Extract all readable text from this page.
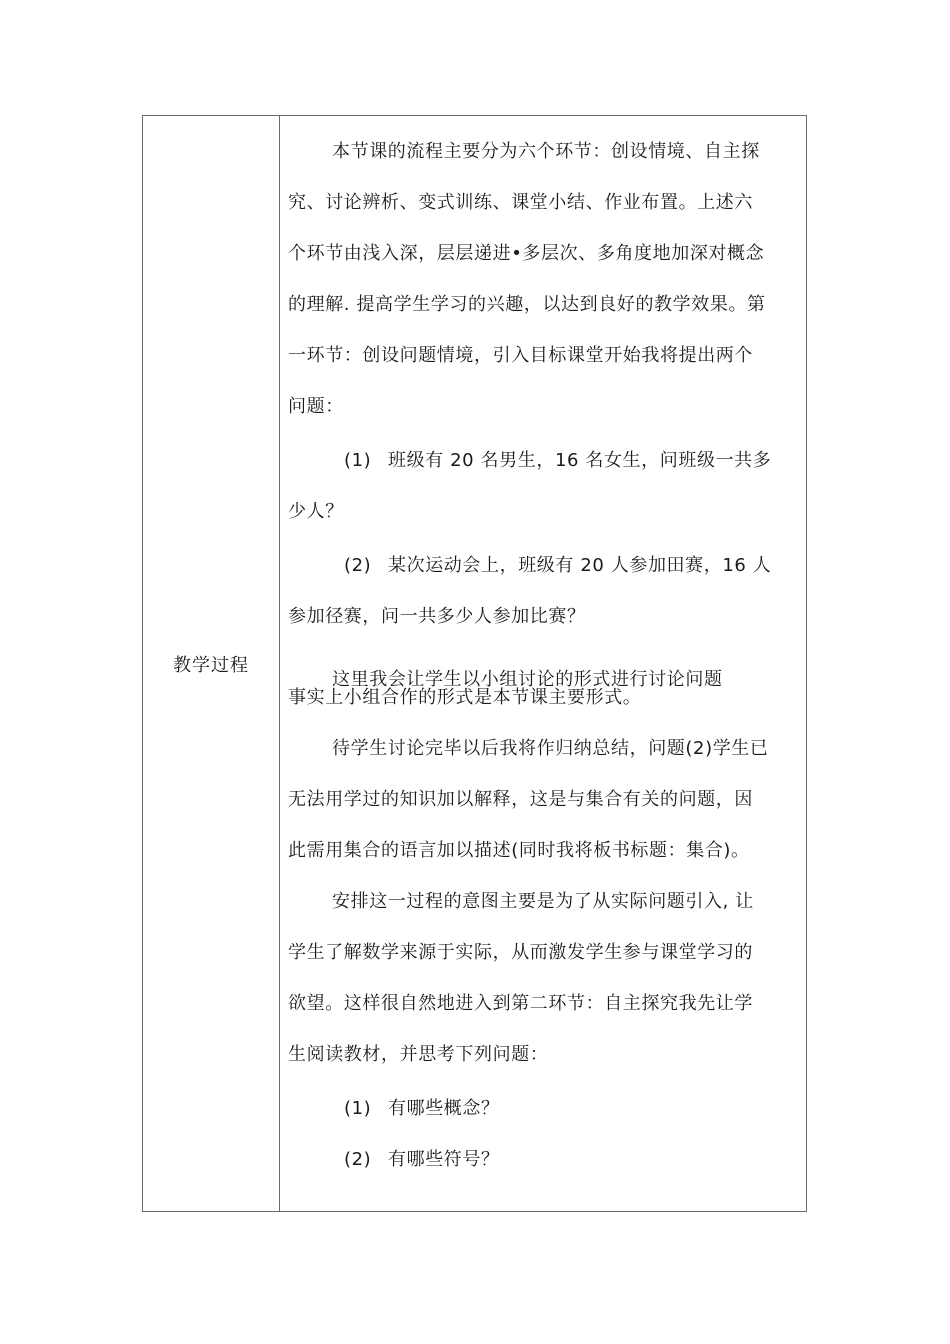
教学过程
本节课的流程主要分为六个环节：创设情境、自主探
究、讨论辨析、变式训练、课堂小结、作业布置。上述六
个环节由浅入深，层层递进•多层次、多角度地加深对概念
的理解. 提高学生学习的兴趣，以达到良好的教学效果。第
一环节：创设问题情境，引入目标课堂开始我将提出两个
问题：
(1) 班级有 20 名男生，16 名女生，问班级一共多
少人？
(2) 某次运动会上，班级有 20 人参加田赛，16 人
参加径赛，问一共多少人参加比赛？
这里我会让学生以小组讨论的形式进行讨论问题
事实上小组合作的形式是本节课主要形式。
待学生讨论完毕以后我将作归纳总结，问题(2)学生已
无法用学过的知识加以解释，这是与集合有关的问题，因
此需用集合的语言加以描述(同时我将板书标题：集合)。
安排这一过程的意图主要是为了从实际问题引入, 让
学生了解数学来源于实际，从而激发学生参与课堂学习的
欲望。这样很自然地进入到第二环节：自主探究我先让学
生阅读教材，并思考下列问题：
(1) 有哪些概念？
(2) 有哪些符号？
